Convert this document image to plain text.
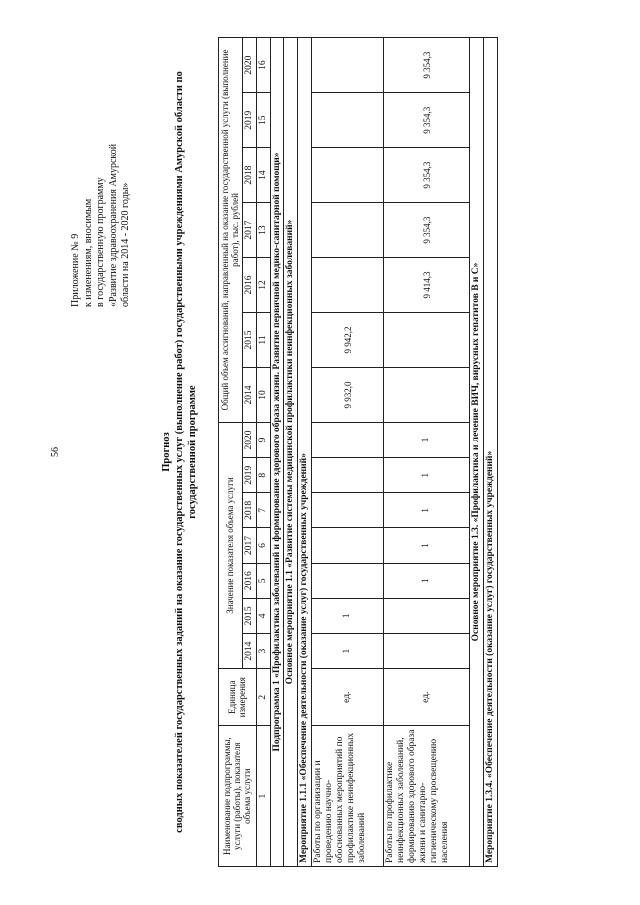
56
Приложение № 9 к изменениям, вносимым в государственную программу «Развитие здравоохранения Амурской области на 2014 - 2020 годы»
Прогноз сводных показателей государственных заданий на оказание государственных услуг (выполнение работ) государственными учреждениями Амурской области по государственной программе
Наименование подпрограммы, услуги (работы), показателя объема услуги	Единица измерения	Значение показателя объема услуги							Общий объем ассигнований, направленный на оказание государственной услуги (выполнение работ), тыс. рублей						
		2014	2015	2016	2017	2018	2019	2020	2014	2015	2016	2017	2018	2019	2020
1	2	3	4	5	6	7	8	9	10	11	12	13	14	15	16
Подпрограмма 1 «Профилактика заболеваний и формирование здорового образа жизни. Развитие первичной медико-санитарной помощи»															
Основное мероприятие 1.1 «Развитие системы медицинской профилактики неинфекционных заболеваний»															
Мероприятие 1.1.1 «Обеспечение деятельности (оказание услуг) государственных учреждений»															
Работы по организации и проведению научно-обоснованных мероприятий по профилактике неинфекционных заболеваний	ед.	1	1						9 932,0	9 942,2					
Работы по профилактике неинфекционных заболеваний, формированию здорового образа жизни и санитарно-гигиеническому просвещению населения	ед.			1	1	1	1	1			9 414,3	9 354,3	9 354,3	9 354,3	9 354,3
Основное мероприятие 1.3. «Профилактика и лечение ВИЧ, вирусных гепатитов B и C»															
Мероприятие 1.3.4. «Обеспечение деятельности (оказание услуг) государственных учреждений»															
